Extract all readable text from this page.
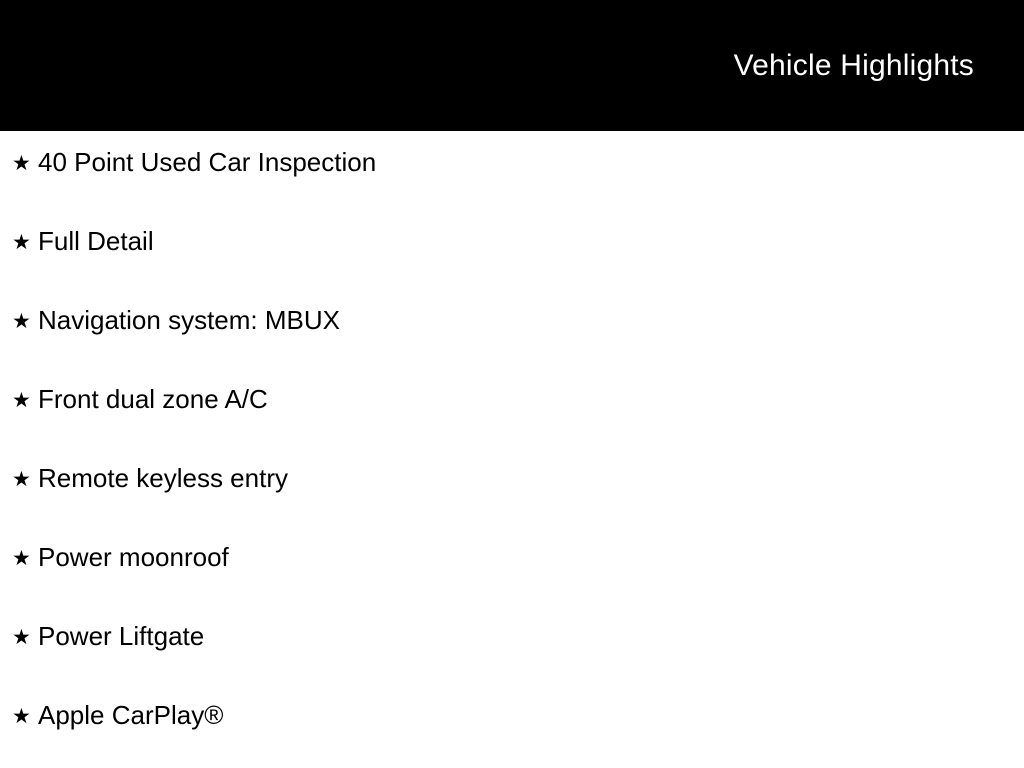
Vehicle Highlights
★ 40 Point Used Car Inspection
★ Full Detail
★ Navigation system: MBUX
★ Front dual zone A/C
★ Remote keyless entry
★ Power moonroof
★ Power Liftgate
★ Apple CarPlay®
